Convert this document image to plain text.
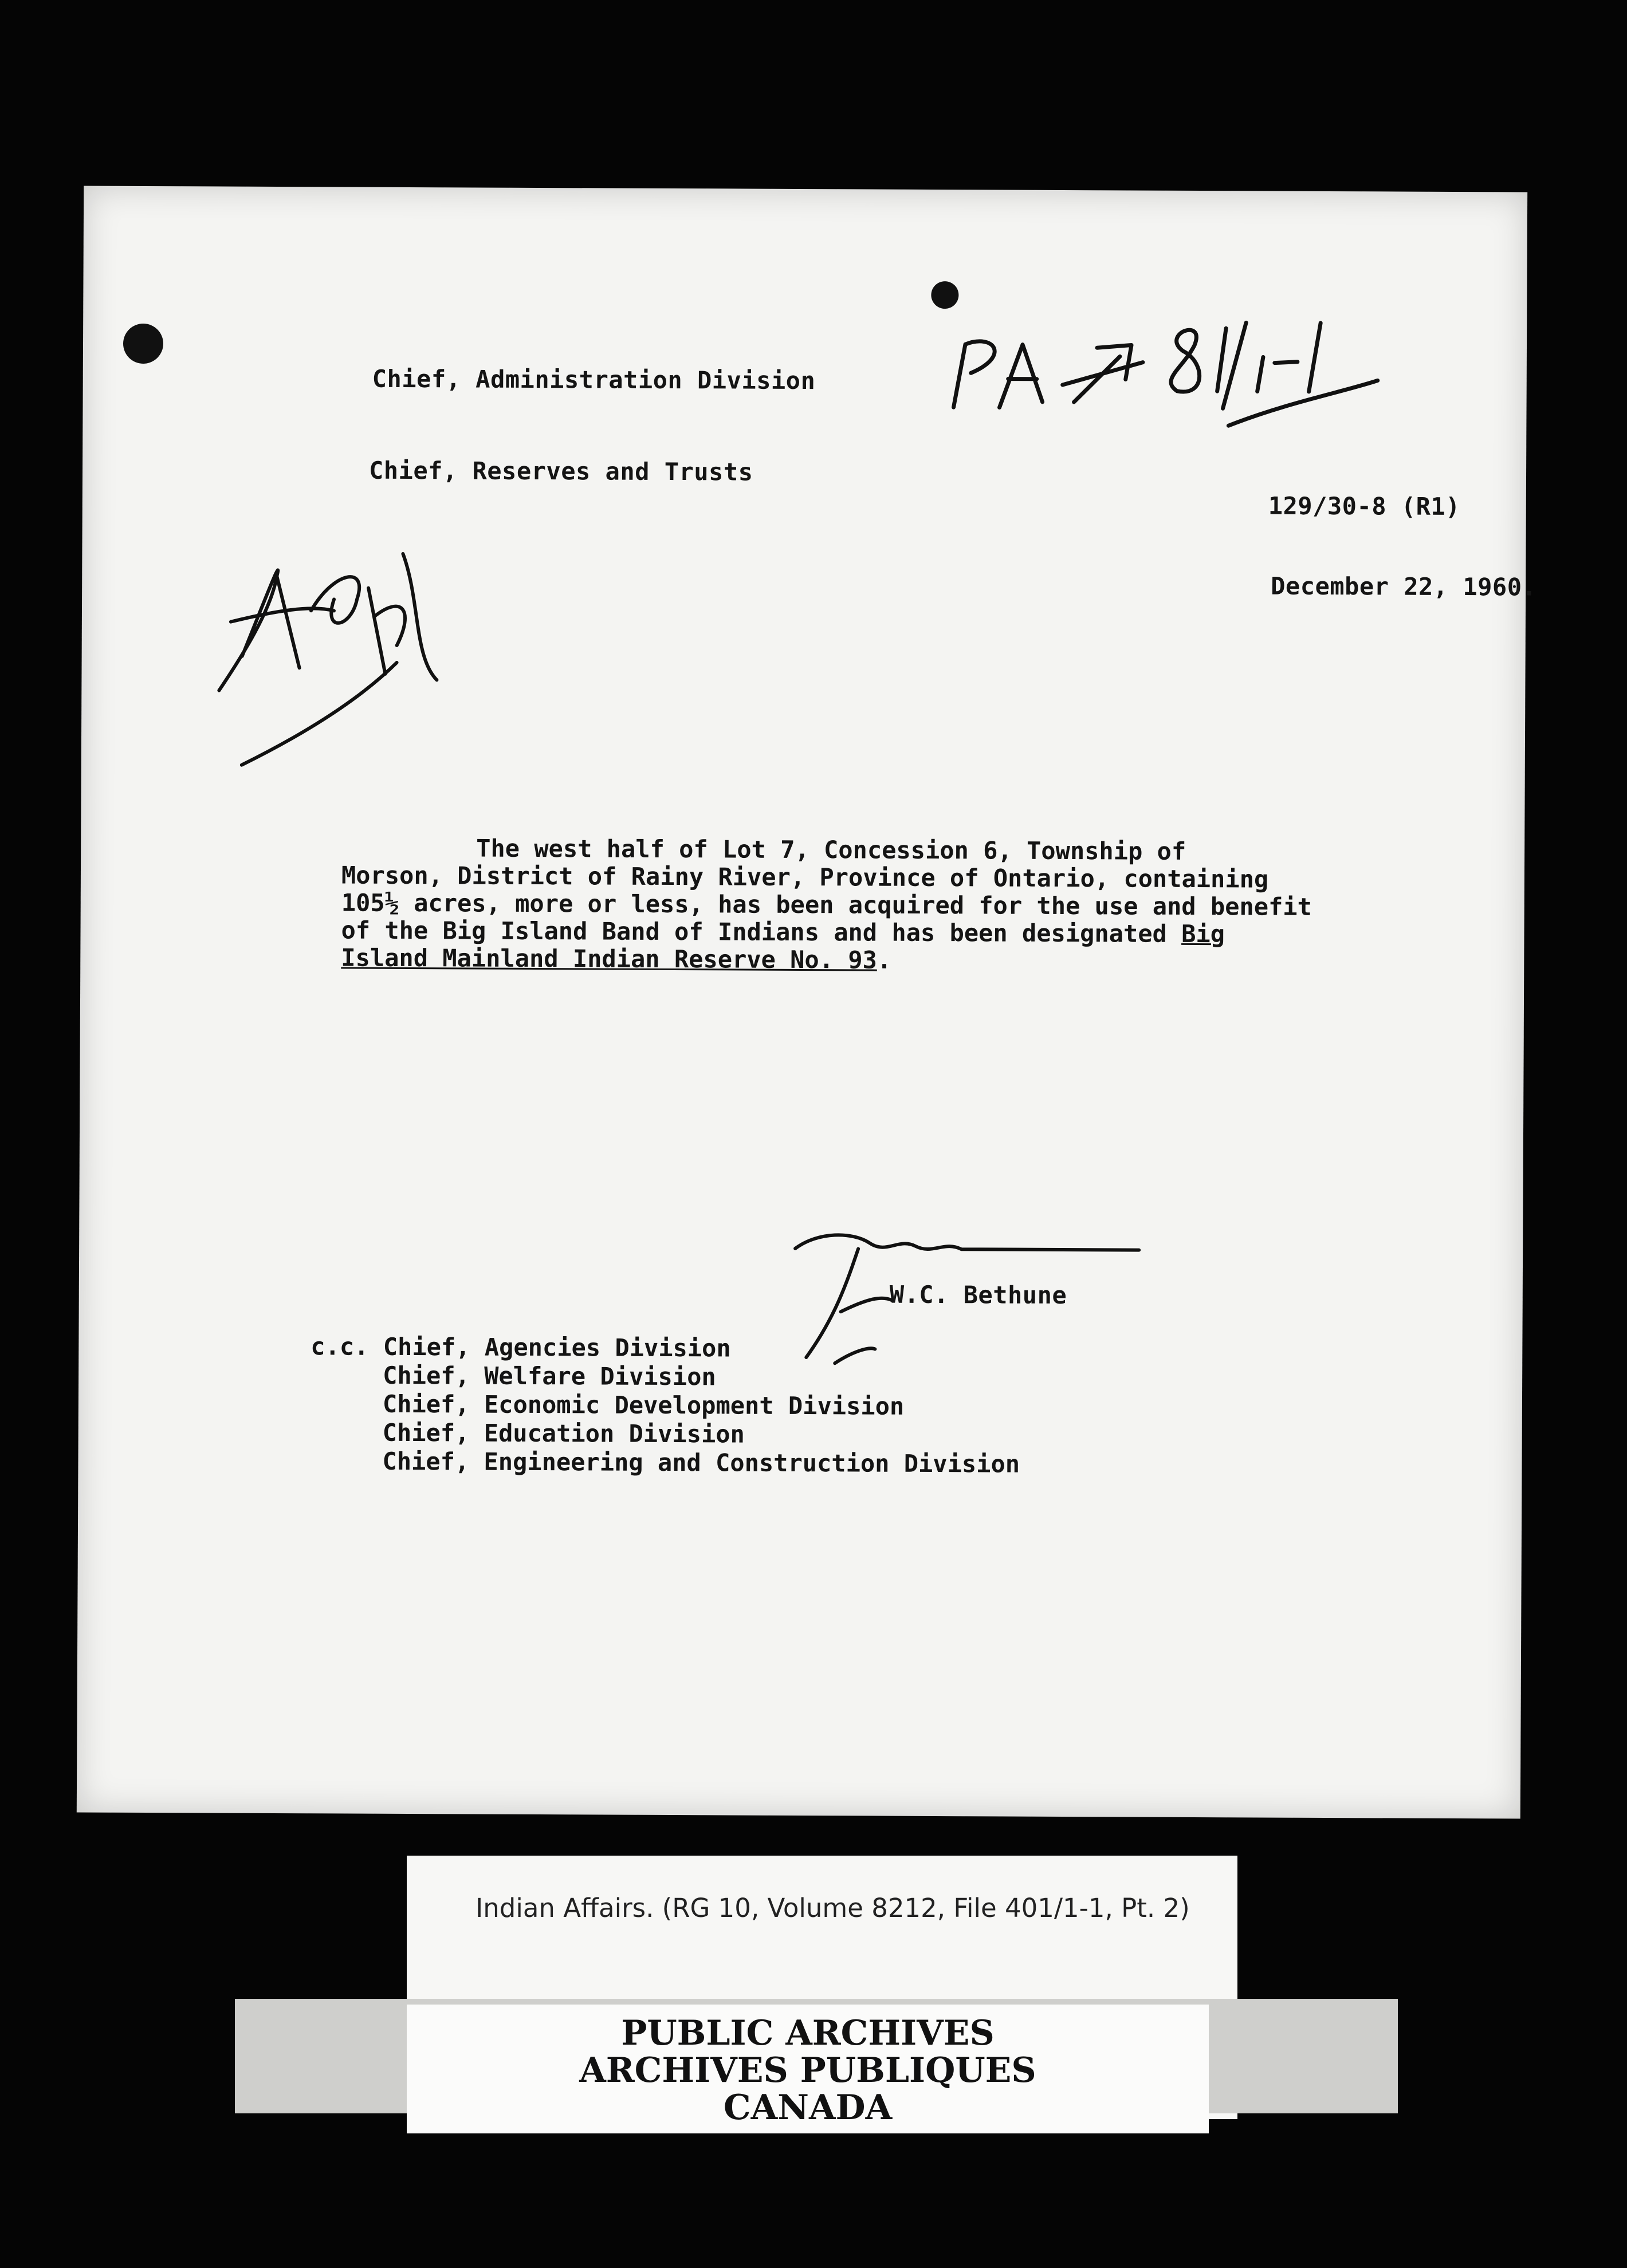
Chief, Administration Division
Chief, Reserves and Trusts
129/30-8 (R1)
December 22, 1960.
The west half of Lot 7, Concession 6, Township of
Morson, District of Rainy River, Province of Ontario, containing
105½ acres, more or less, has been acquired for the use and benefit
of the Big Island Band of Indians and has been designated Big
Island Mainland Indian Reserve No. 93.
W.C. Bethune
c.c. Chief, Agencies Division
Chief, Welfare Division
Chief, Economic Development Division
Chief, Education Division
Chief, Engineering and Construction Division
Indian Affairs. (RG 10, Volume 8212, File 401/1-1, Pt. 2)
PUBLIC ARCHIVES
ARCHIVES PUBLIQUES
CANADA
